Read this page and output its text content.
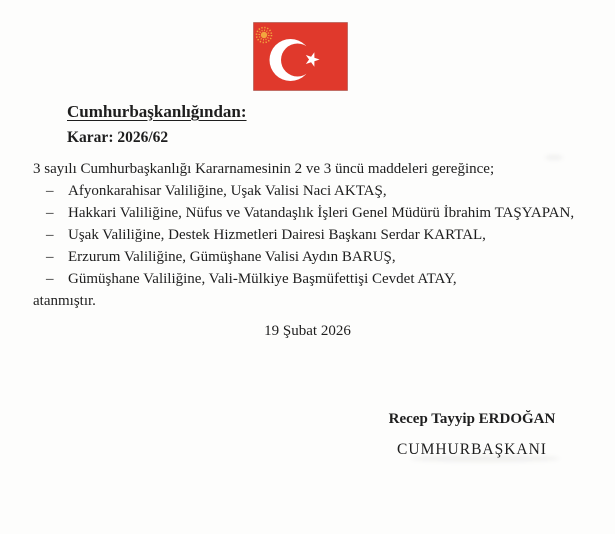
Cumhurbaşkanlığından:
Karar: 2026/62
3 sayılı Cumhurbaşkanlığı Kararnamesinin 2 ve 3 üncü maddeleri gereğince;
– Afyonkarahisar Valiliğine, Uşak Valisi Naci AKTAŞ,
– Hakkari Valiliğine, Nüfus ve Vatandaşlık İşleri Genel Müdürü İbrahim TAŞYAPAN,
– Uşak Valiliğine, Destek Hizmetleri Dairesi Başkanı Serdar KARTAL,
– Erzurum Valiliğine, Gümüşhane Valisi Aydın BARUŞ,
– Gümüşhane Valiliğine, Vali-Mülkiye Başmüfettişi Cevdet ATAY,
atanmıştır.
19 Şubat 2026
Recep Tayyip ERDOĞAN
CUMHURBAŞKANI
